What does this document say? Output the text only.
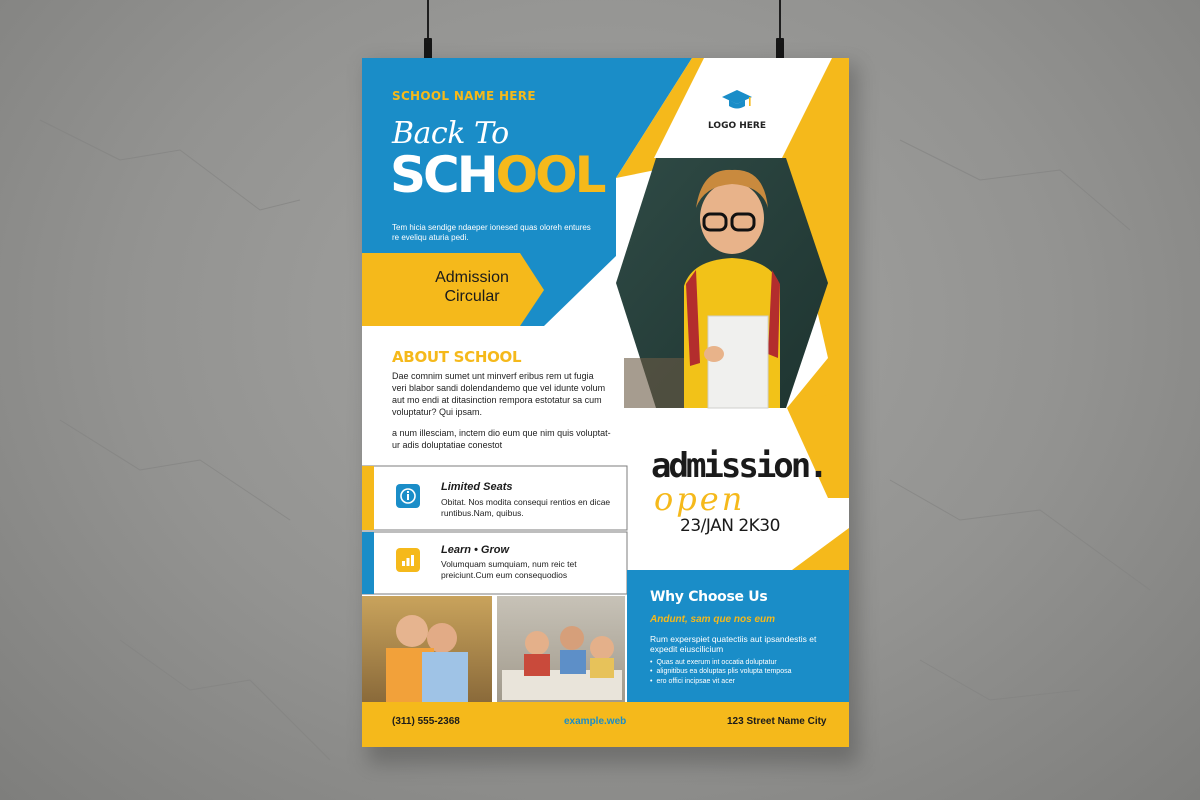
SCHOOL NAME HERE
Back To
SCHOOL
Tem hicia sendige ndaeper ionesed quas oloreh entures re eveliqu aturia pedi.
Admission
Circular
LOGO HERE
ABOUT SCHOOL
Dae comnim sumet unt minverf eribus rem ut fugia veri blabor sandi dolendandemo que vel idunte volum aut mo endi at ditasinction rempora estotatur sa cum voluptatur? Qui ipsam.
a num illesciam, inctem dio eum que nim quis voluptat- ur adis doluptatiae conestot
Limited Seats
Obitat. Nos modita consequi rentios en dicae runtibus.Nam, quibus.
Learn • Grow
Volumquam sumquiam, num reic tet preiciunt.Cum eum consequodios
admission.
open
23/JAN 2K30
Why Choose Us
Andunt, sam que nos eum
Rum experspiet quatectiis aut ipsandestis et expedit eiuscilicium
• Quas aut exerum int occatia doluptatur
• alignitibus ea doluptas plis volupta temposa
• ero offici incipsae vit acer
(311) 555-2368	example.web	123 Street Name City
